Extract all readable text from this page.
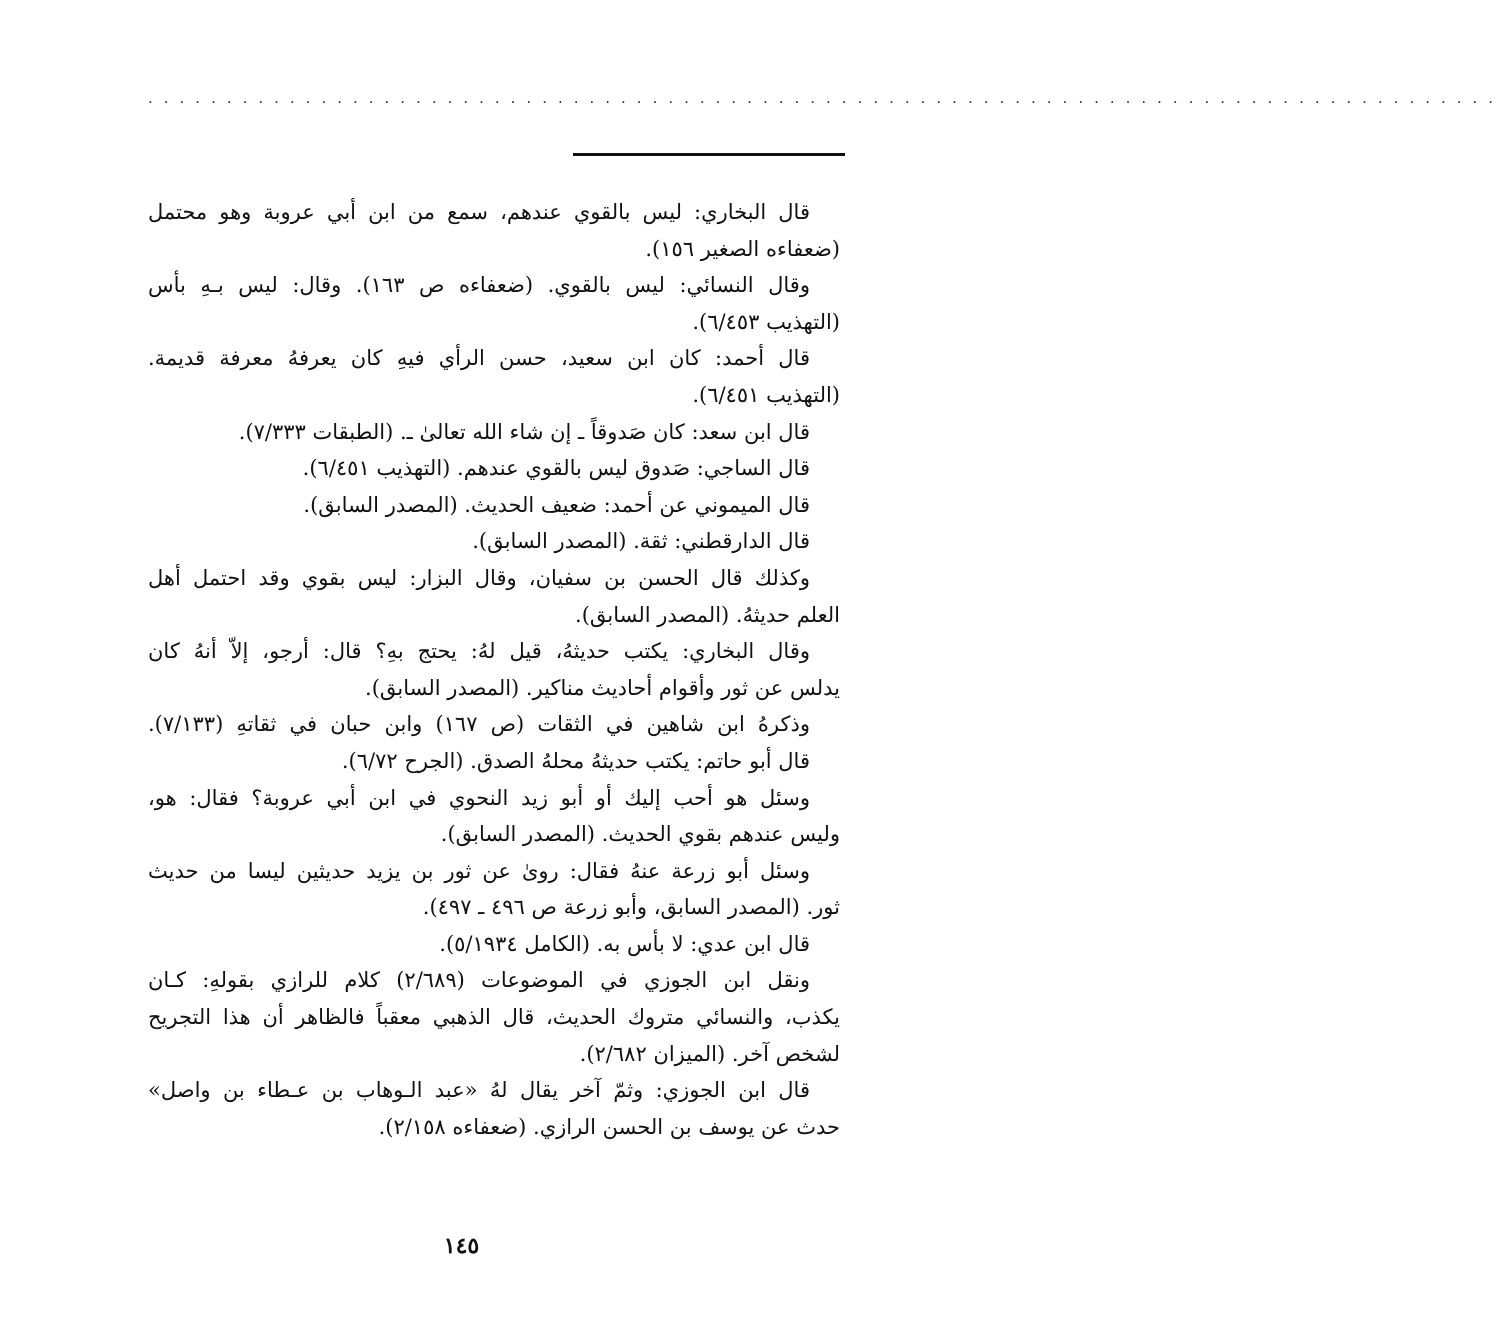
......................................................................................
قال البخاري: ليس بالقوي عندهم، سمع من ابن أبي عروبة وهو محتمل
(ضعفاءه الصغير ١٥٦).
وقال النسائي: ليس بالقوي. (ضعفاءه ص ١٦٣). وقال: ليس بـهِ بأس
(التهذيب ٦/٤٥٣).
قال أحمد: كان ابن سعيد، حسن الرأي فيهِ كان يعرفهُ معرفة قديمة.
(التهذيب ٦/٤٥١).
قال ابن سعد: كان صَدوقاً ـ إن شاء الله تعالىٰ ـ. (الطبقات ٧/٣٣٣).
قال الساجي: صَدوق ليس بالقوي عندهم. (التهذيب ٦/٤٥١).
قال الميموني عن أحمد: ضعيف الحديث. (المصدر السابق).
قال الدارقطني: ثقة. (المصدر السابق).
وكذلك قال الحسن بن سفيان، وقال البزار: ليس بقوي وقد احتمل أهل
العلم حديثهُ. (المصدر السابق).
وقال البخاري: يكتب حديثهُ، قيل لهُ: يحتج بهِ؟ قال: أرجو، إلاّ أنهُ كان
يدلس عن ثور وأقوام أحاديث مناكير. (المصدر السابق).
وذكرهُ ابن شاهين في الثقات (ص ١٦٧) وابن حبان في ثقاتهِ (٧/١٣٣).
قال أبو حاتم: يكتب حديثهُ محلهُ الصدق. (الجرح ٦/٧٢).
وسئل هو أحب إليك أو أبو زيد النحوي في ابن أبي عروبة؟ فقال: هو،
وليس عندهم بقوي الحديث. (المصدر السابق).
وسئل أبو زرعة عنهُ فقال: روىٰ عن ثور بن يزيد حديثين ليسا من حديث
ثور. (المصدر السابق، وأبو زرعة ص ٤٩٦ ـ ٤٩٧).
قال ابن عدي: لا بأس به. (الكامل ٥/١٩٣٤).
ونقل ابن الجوزي في الموضوعات (٢/٦٨٩) كلام للرازي بقولهِ: كـان
يكذب، والنسائي متروك الحديث، قال الذهبي معقباً فالظاهر أن هذا التجريح
لشخص آخر. (الميزان ٢/٦٨٢).
قال ابن الجوزي: وثمّ آخر يقال لهُ «عبد الـوهاب بن عـطاء بن واصل»
حدث عن يوسف بن الحسن الرازي. (ضعفاءه ٢/١٥٨).
١٤٥
